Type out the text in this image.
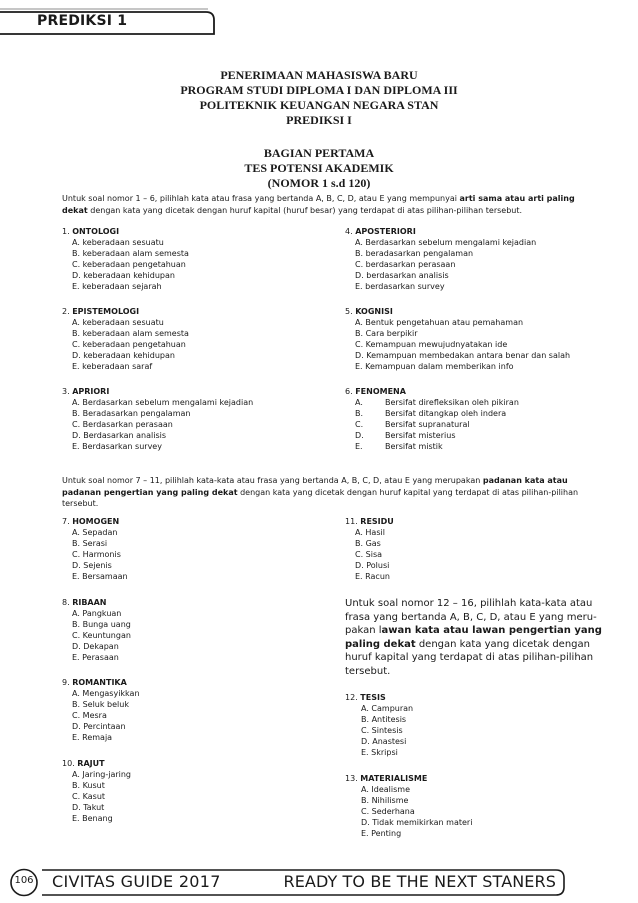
PREDIKSI 1
PENERIMAAN MAHASISWA BARU
PROGRAM STUDI DIPLOMA I DAN DIPLOMA III
POLITEKNIK KEUANGAN NEGARA STAN
PREDIKSI I
BAGIAN PERTAMA
TES POTENSI AKADEMIK
(NOMOR 1 s.d 120)
Untuk soal nomor 1 – 6, pilihlah kata atau frasa yang bertanda A, B, C, D, atau E yang mempunyai arti sama atau arti paling
dekat dengan kata yang dicetak dengan huruf kapital (huruf besar) yang terdapat di atas pilihan-pilihan tersebut.
1. ONTOLOGI
A. keberadaan sesuatu
B. keberadaan alam semesta
C. keberadaan pengetahuan
D. keberadaan kehidupan
E. keberadaan sejarah
2. EPISTEMOLOGI
A. keberadaan sesuatu
B. keberadaan alam semesta
C. keberadaan pengetahuan
D. keberadaan kehidupan
E. keberadaan saraf
3. APRIORI
A. Berdasarkan sebelum mengalami kejadian
B. Beradasarkan pengalaman
C. Berdasarkan perasaan
D. Berdasarkan analisis
E. Berdasarkan survey
4. APOSTERIORI
A. Berdasarkan sebelum mengalami kejadian
B. beradasarkan pengalaman
C. berdasarkan perasaan
D. berdasarkan analisis
E. berdasarkan survey
5. KOGNISI
A. Bentuk pengetahuan atau pemahaman
B. Cara berpikir
C. Kemampuan mewujudnyatakan ide
D. Kemampuan membedakan antara benar dan salah
E. Kemampuan dalam memberikan info
6. FENOMENA
A.	Bersifat direfleksikan oleh pikiran
B.	Bersifat ditangkap oleh indera
C.	Bersifat supranatural
D.	Bersifat misterius
E.	Bersifat mistik
Untuk soal nomor 7 – 11, pilihlah kata-kata atau frasa yang bertanda A, B, C, D, atau E yang merupakan padanan kata atau
padanan pengertian yang paling dekat dengan kata yang dicetak dengan huruf kapital yang terdapat di atas pilihan-pilihan
tersebut.
7. HOMOGEN
A. Sepadan
B. Serasi
C. Harmonis
D. Sejenis
E. Bersamaan
8. RIBAAN
A. Pangkuan
B. Bunga uang
C. Keuntungan
D. Dekapan
E. Perasaan
9. ROMANTIKA
A. Mengasyikkan
B. Seluk beluk
C. Mesra
D. Percintaan
E. Remaja
10. RAJUT
A. Jaring-jaring
B. Kusut
C. Kasut
D. Takut
E. Benang
11. RESIDU
A. Hasil
B. Gas
C. Sisa
D. Polusi
E. Racun
Untuk soal nomor 12 – 16, pilihlah kata-kata atau
frasa yang bertanda A, B, C, D, atau E yang meru-
pakan lawan kata atau lawan pengertian yang
paling dekat dengan kata yang dicetak dengan
huruf kapital yang terdapat di atas pilihan-pilihan
tersebut.
12. TESIS
A. Campuran
B. Antitesis
C. Sintesis
D. Anastesi
E. Skripsi
13. MATERIALISME
A. Idealisme
B. Nihilisme
C. Sederhana
D. Tidak memikirkan materi
E. Penting
106 CIVITAS GUIDE 2017	READY TO BE THE NEXT STANERS
